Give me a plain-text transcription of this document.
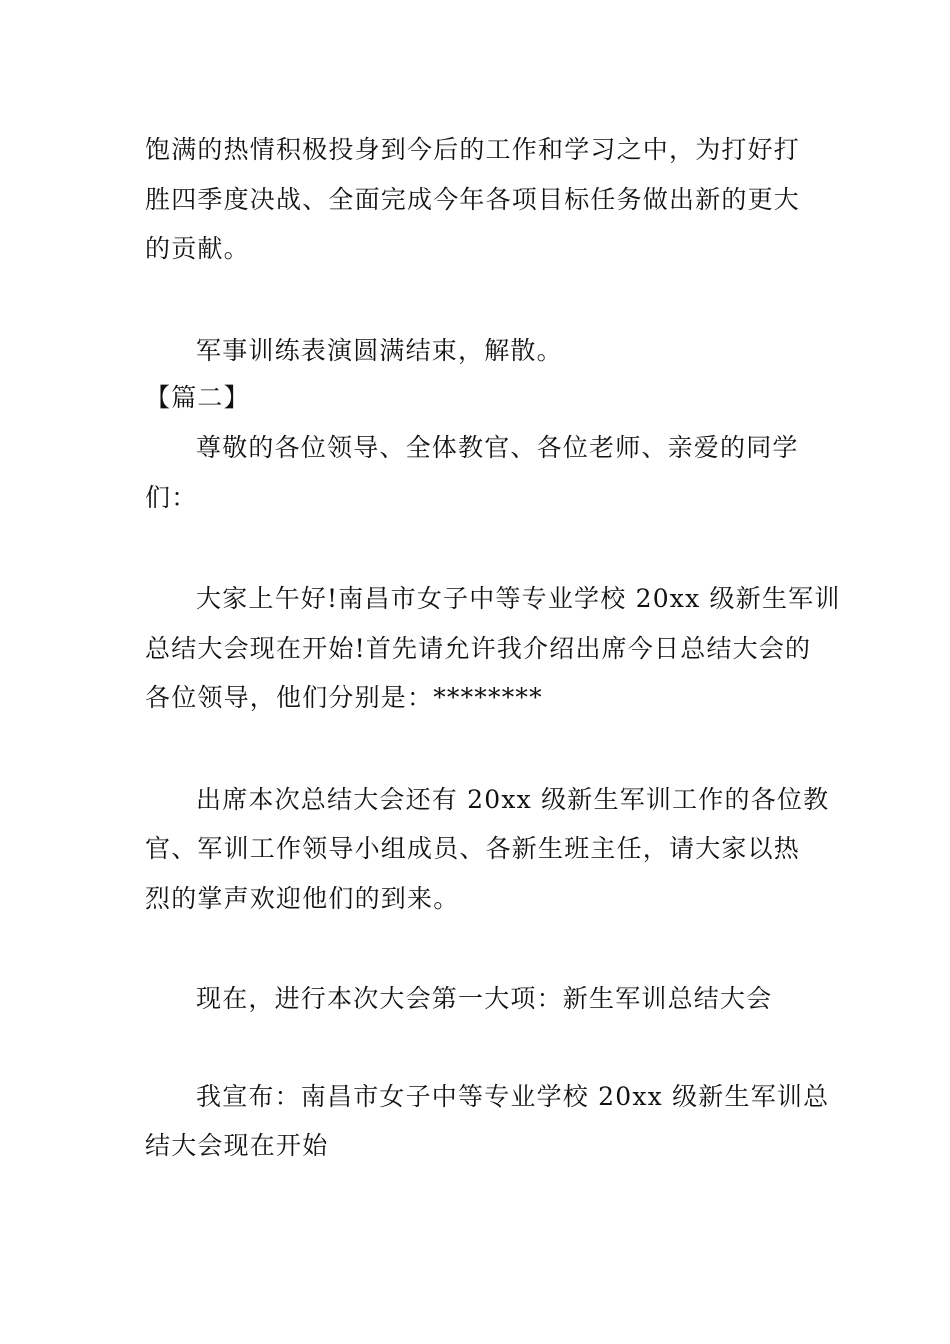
饱满的热情积极投身到今后的工作和学习之中，为打好打
胜四季度决战、全面完成今年各项目标任务做出新的更大
的贡献。
军事训练表演圆满结束，解散。
【篇二】
尊敬的各位领导、全体教官、各位老师、亲爱的同学
们：
大家上午好!南昌市女子中等专业学校 20xx 级新生军训
总结大会现在开始!首先请允许我介绍出席今日总结大会的
各位领导，他们分别是：********
出席本次总结大会还有 20xx 级新生军训工作的各位教
官、军训工作领导小组成员、各新生班主任，请大家以热
烈的掌声欢迎他们的到来。
现在，进行本次大会第一大项：新生军训总结大会
我宣布：南昌市女子中等专业学校 20xx 级新生军训总
结大会现在开始
